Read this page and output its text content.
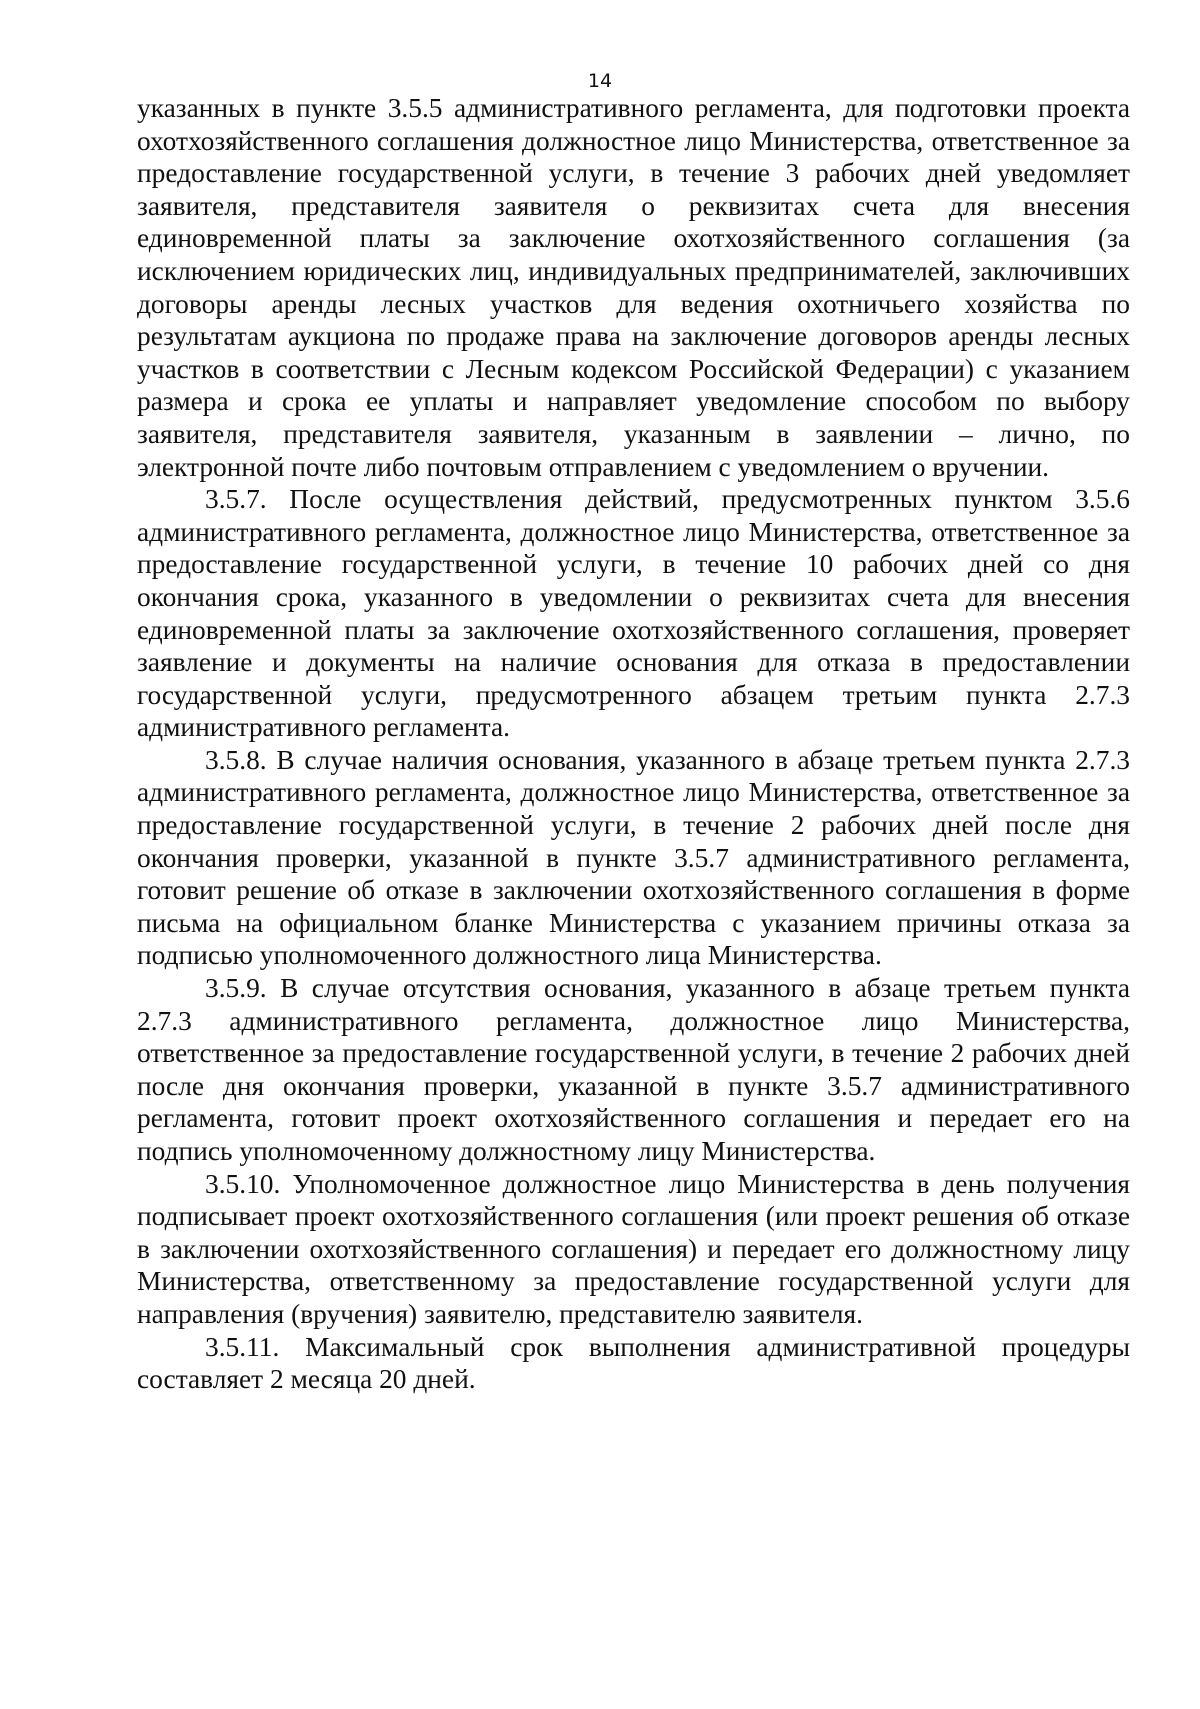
14

указанных в пункте 3.5.5 административного регламента, для подготовки проекта охотхозяйственного соглашения должностное лицо Министерства, ответственное за предоставление государственной услуги, в течение 3 рабочих дней уведомляет заявителя, представителя заявителя о реквизитах счета для внесения единовременной платы за заключение охотхозяйственного соглашения (за исключением юридических лиц, индивидуальных предпринимателей, заключивших договоры аренды лесных участков для ведения охотничьего хозяйства по результатам аукциона по продаже права на заключение договоров аренды лесных участков в соответствии с Лесным кодексом Российской Федерации) с указанием размера и срока ее уплаты и направляет уведомление способом по выбору заявителя, представителя заявителя, указанным в заявлении – лично, по электронной почте либо почтовым отправлением с уведомлением о вручении.

3.5.7. После осуществления действий, предусмотренных пунктом 3.5.6 административного регламента, должностное лицо Министерства, ответственное за предоставление государственной услуги, в течение 10 рабочих дней со дня окончания срока, указанного в уведомлении о реквизитах счета для внесения единовременной платы за заключение охотхозяйственного соглашения, проверяет заявление и документы на наличие основания для отказа в предоставлении государственной услуги, предусмотренного абзацем третьим пункта 2.7.3 административного регламента.

3.5.8. В случае наличия основания, указанного в абзаце третьем пункта 2.7.3 административного регламента, должностное лицо Министерства, ответственное за предоставление государственной услуги, в течение 2 рабочих дней после дня окончания проверки, указанной в пункте 3.5.7 административного регламента, готовит решение об отказе в заключении охотхозяйственного соглашения в форме письма на официальном бланке Министерства с указанием причины отказа за подписью уполномоченного должностного лица Министерства.

3.5.9. В случае отсутствия основания, указанного в абзаце третьем пункта 2.7.3 административного регламента, должностное лицо Министерства, ответственное за предоставление государственной услуги, в течение 2 рабочих дней после дня окончания проверки, указанной в пункте 3.5.7 административного регламента, готовит проект охотхозяйственного соглашения и передает его на подпись уполномоченному должностному лицу Министерства.

3.5.10. Уполномоченное должностное лицо Министерства в день получения подписывает проект охотхозяйственного соглашения (или проект решения об отказе в заключении охотхозяйственного соглашения) и передает его должностному лицу Министерства, ответственному за предоставление государственной услуги для направления (вручения) заявителю, представителю заявителя.

3.5.11. Максимальный срок выполнения административной процедуры составляет 2 месяца 20 дней.
